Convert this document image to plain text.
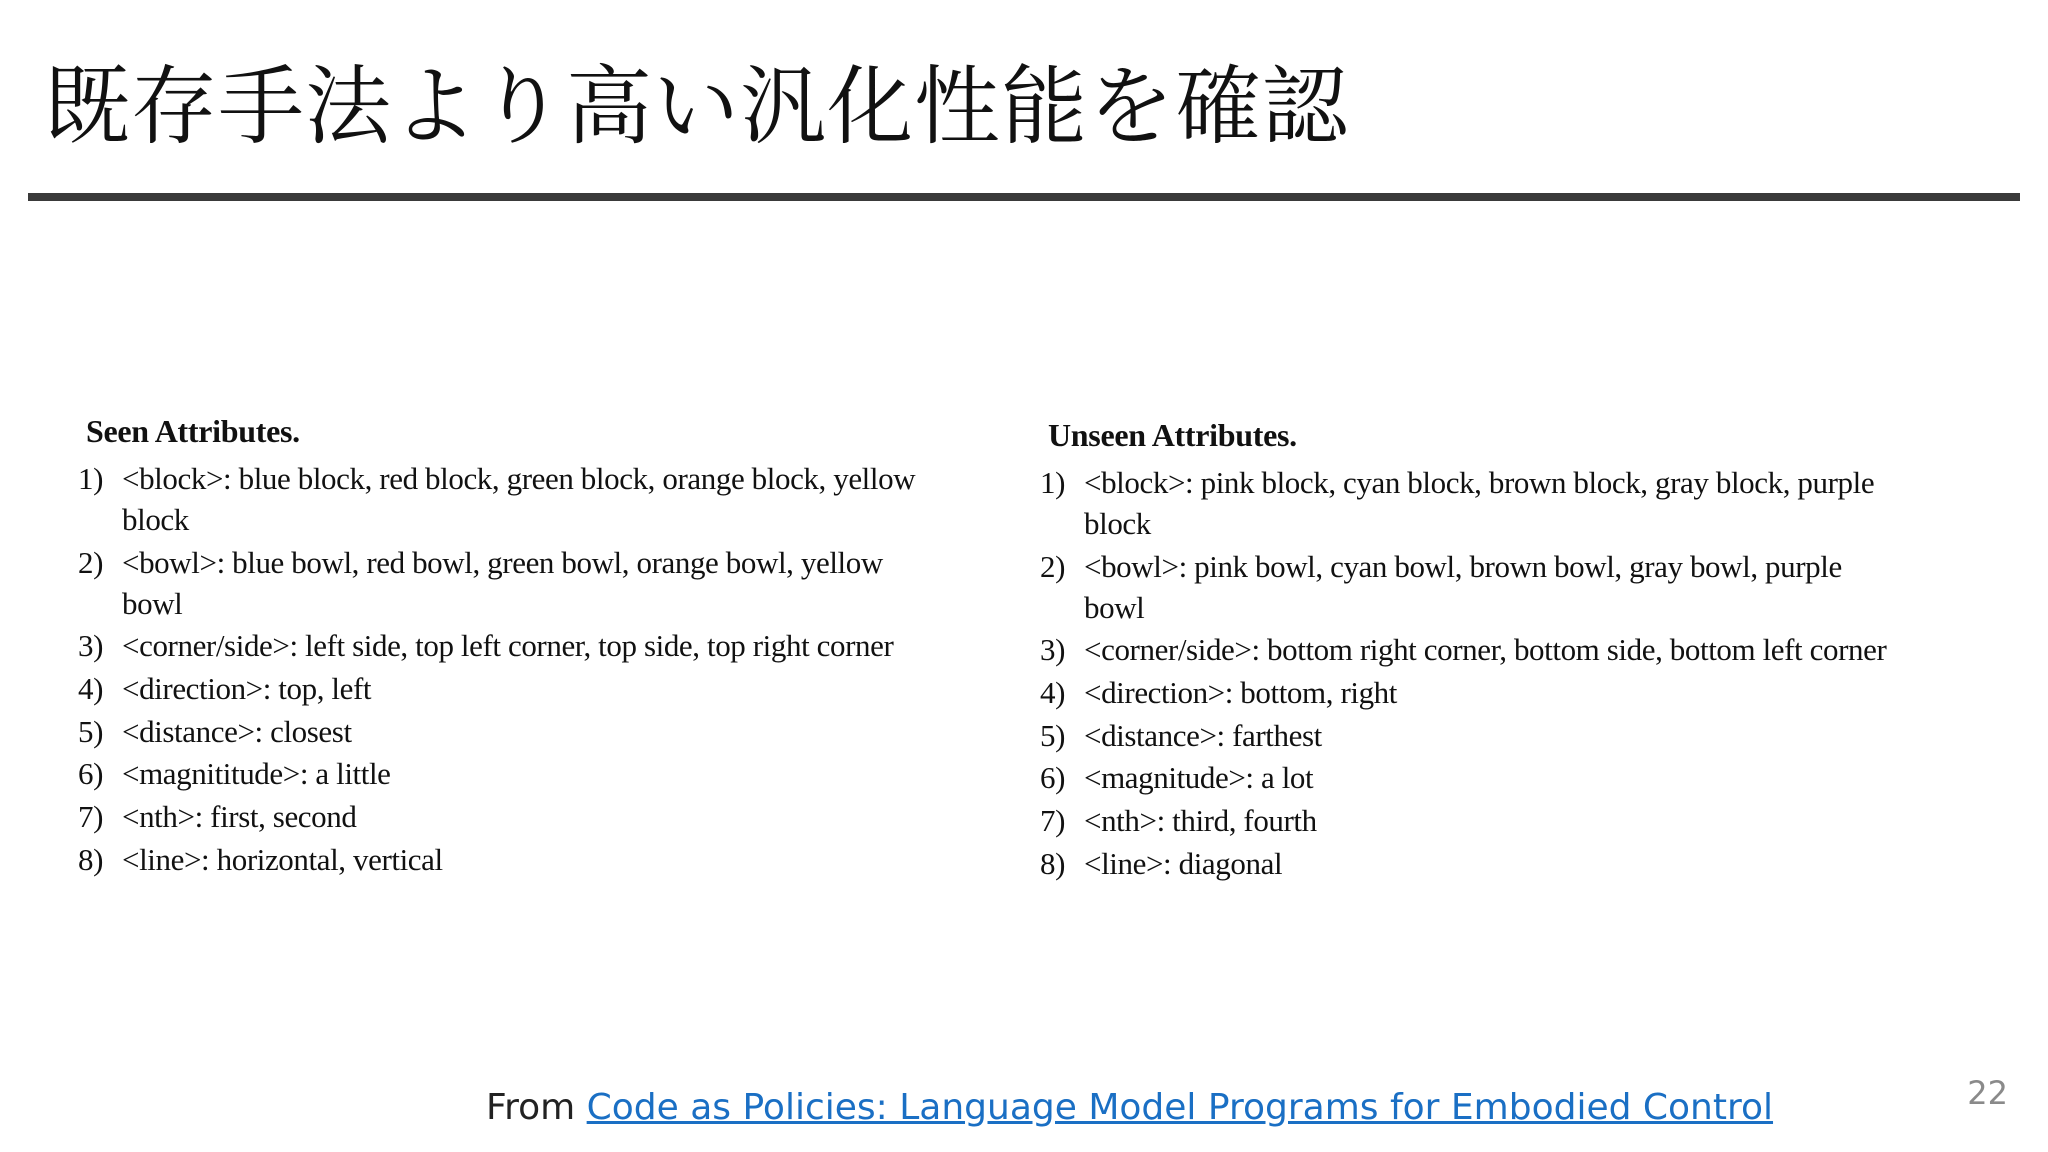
既存手法より高い汎化性能を確認
Seen Attributes.
1) <block>: blue block, red block, green block, orange block, yellow block
2) <bowl>: blue bowl, red bowl, green bowl, orange bowl, yellow bowl
3) <corner/side>: left side, top left corner, top side, top right corner
4) <direction>: top, left
5) <distance>: closest
6) <magnititude>: a little
7) <nth>: first, second
8) <line>: horizontal, vertical
Unseen Attributes.
1) <block>: pink block, cyan block, brown block, gray block, purple block
2) <bowl>: pink bowl, cyan bowl, brown bowl, gray bowl, purple bowl
3) <corner/side>: bottom right corner, bottom side, bottom left corner
4) <direction>: bottom, right
5) <distance>: farthest
6) <magnitude>: a lot
7) <nth>: third, fourth
8) <line>: diagonal
From Code as Policies: Language Model Programs for Embodied Control	22
